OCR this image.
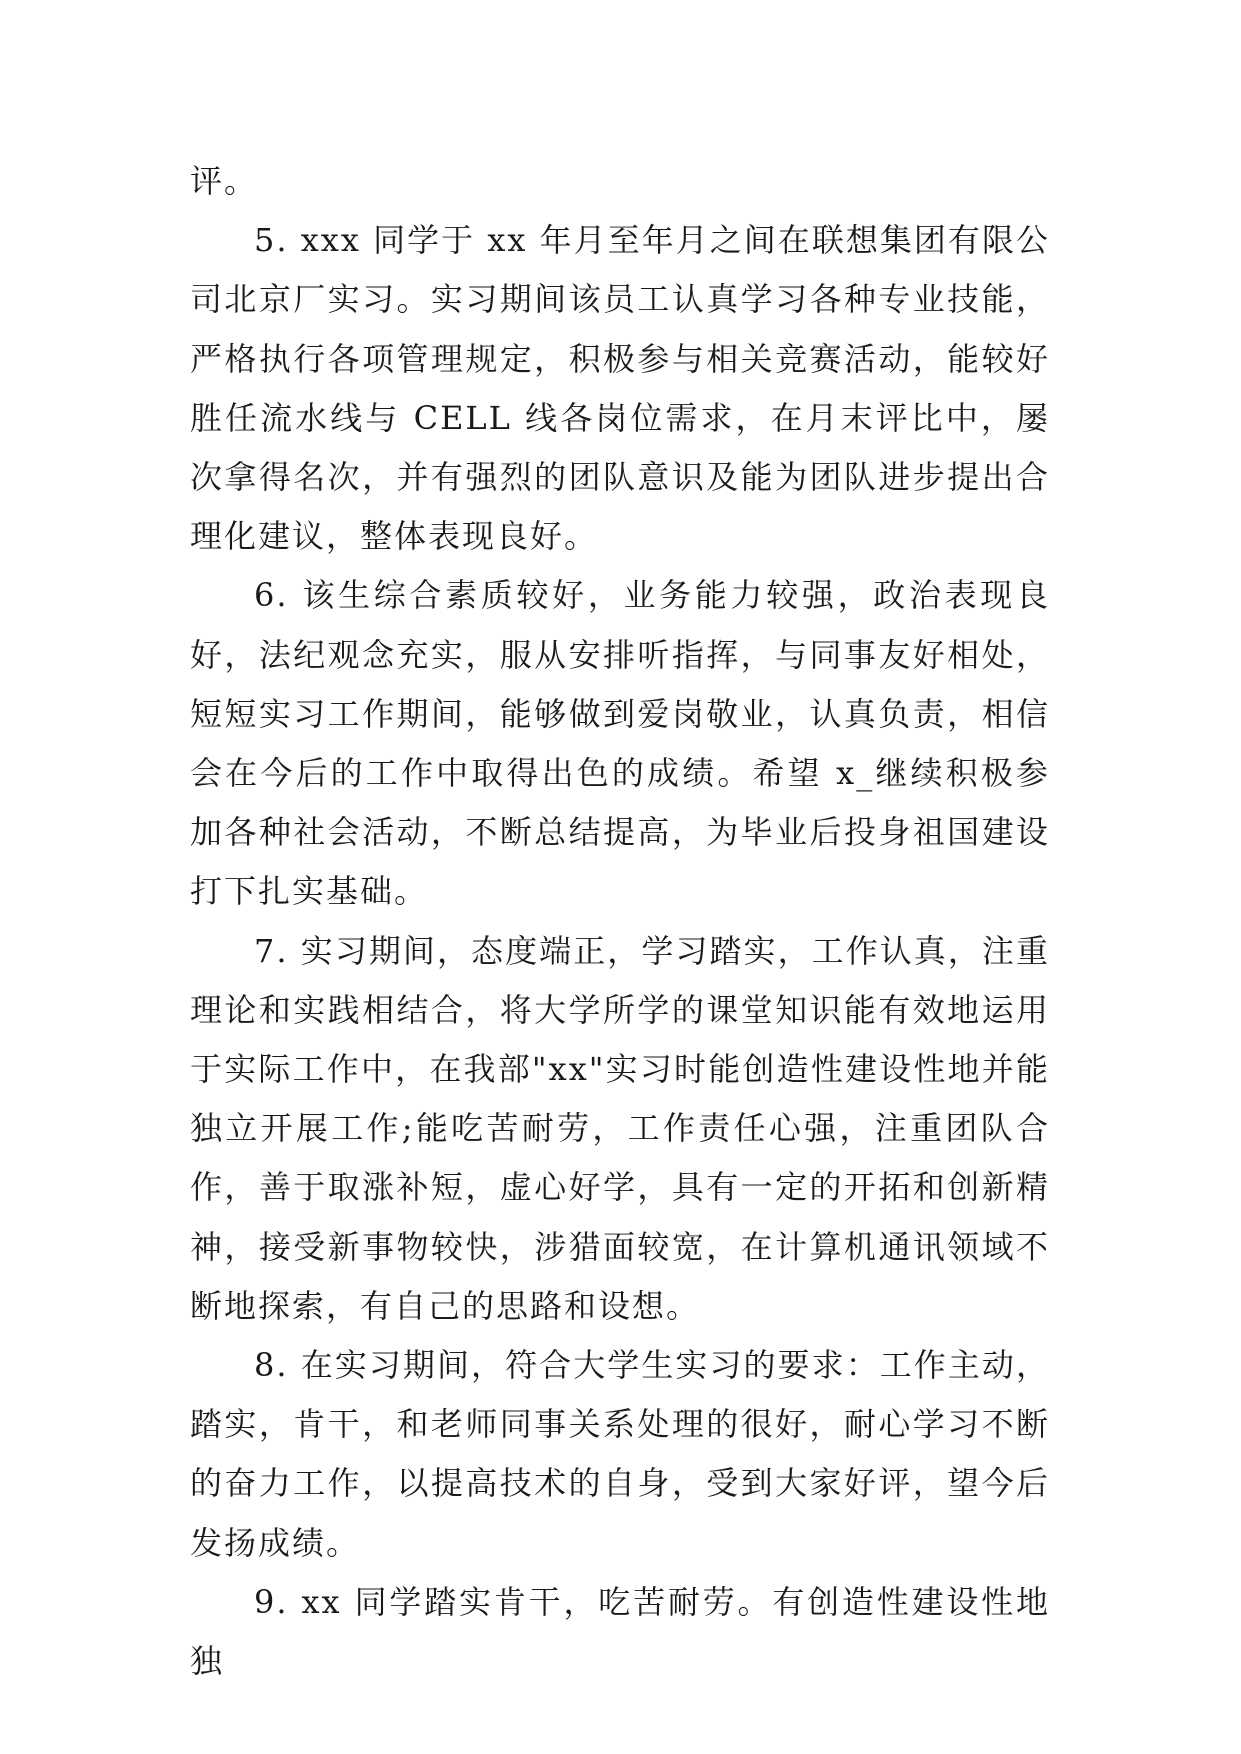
评。

5. xxx 同学于 xx 年月至年月之间在联想集团有限公司北京厂实习。实习期间该员工认真学习各种专业技能，严格执行各项管理规定，积极参与相关竞赛活动，能较好胜任流水线与 CELL 线各岗位需求，在月末评比中，屡次拿得名次，并有强烈的团队意识及能为团队进步提出合理化建议，整体表现良好。

6. 该生综合素质较好，业务能力较强，政治表现良好，法纪观念充实，服从安排听指挥，与同事友好相处，短短实习工作期间，能够做到爱岗敬业，认真负责，相信会在今后的工作中取得出色的成绩。希望 x_继续积极参加各种社会活动，不断总结提高，为毕业后投身祖国建设打下扎实基础。

7. 实习期间，态度端正，学习踏实，工作认真，注重理论和实践相结合，将大学所学的课堂知识能有效地运用于实际工作中，在我部"xx"实习时能创造性建设性地并能独立开展工作;能吃苦耐劳，工作责任心强，注重团队合作，善于取涨补短，虚心好学，具有一定的开拓和创新精神，接受新事物较快，涉猎面较宽，在计算机通讯领域不断地探索，有自己的思路和设想。

8. 在实习期间，符合大学生实习的要求：工作主动，踏实，肯干，和老师同事关系处理的很好，耐心学习不断的奋力工作，以提高技术的自身，受到大家好评，望今后发扬成绩。

9. xx 同学踏实肯干，吃苦耐劳。有创造性建设性地独
